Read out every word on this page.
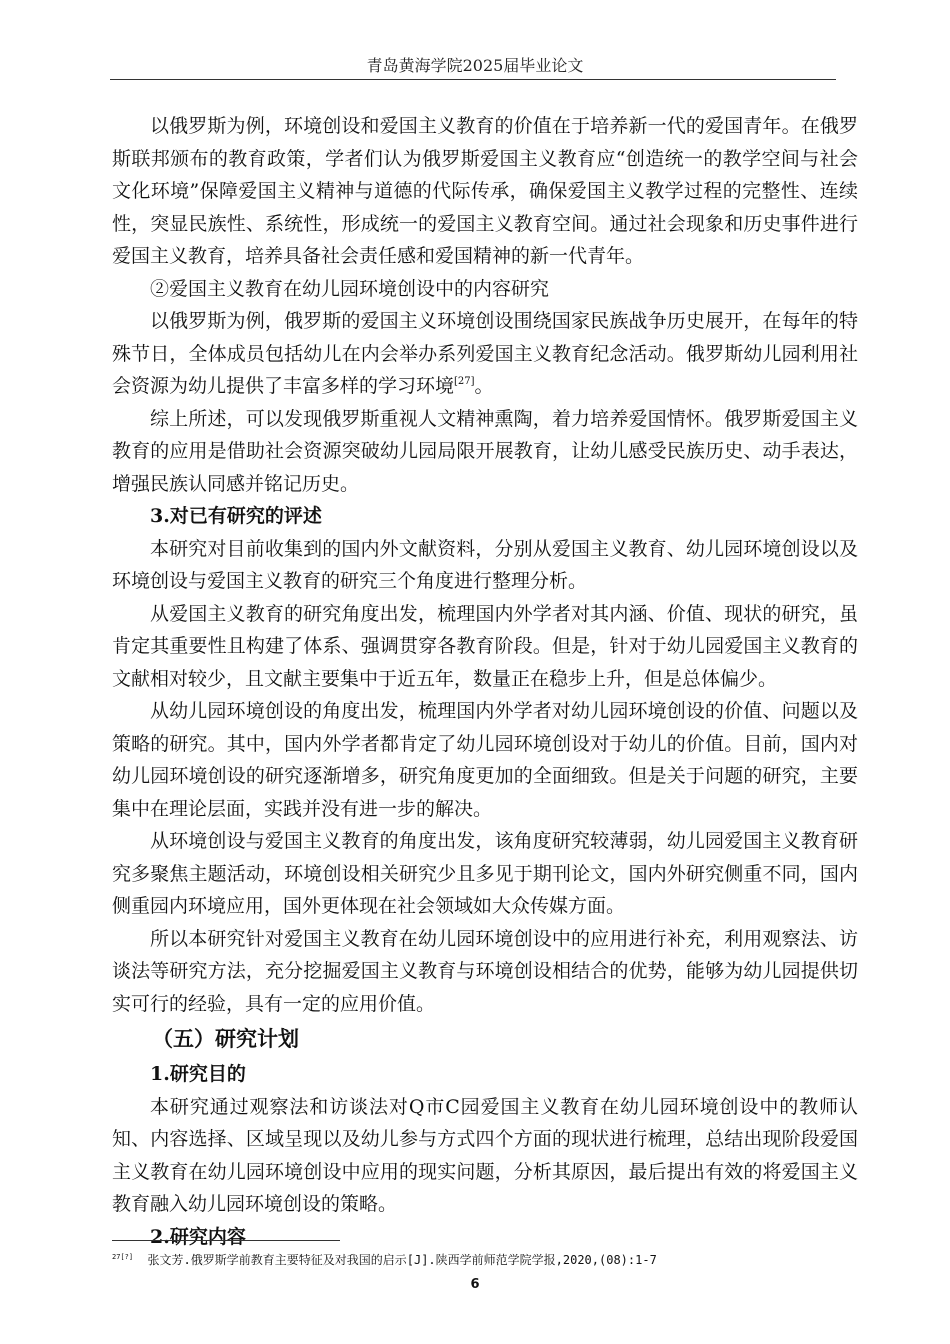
青岛黄海学院2025届毕业论文

以俄罗斯为例，环境创设和爱国主义教育的价值在于培养新一代的爱国青年。在俄罗斯联邦颁布的教育政策，学者们认为俄罗斯爱国主义教育应“创造统一的教学空间与社会文化环境”保障爱国主义精神与道德的代际传承，确保爱国主义教学过程的完整性、连续性，突显民族性、系统性，形成统一的爱国主义教育空间。通过社会现象和历史事件进行爱国主义教育，培养具备社会责任感和爱国精神的新一代青年。

②爱国主义教育在幼儿园环境创设中的内容研究

以俄罗斯为例，俄罗斯的爱国主义环境创设围绕国家民族战争历史展开，在每年的特殊节日，全体成员包括幼儿在内会举办系列爱国主义教育纪念活动。俄罗斯幼儿园利用社会资源为幼儿提供了丰富多样的学习环境[27]。

综上所述，可以发现俄罗斯重视人文精神熏陶，着力培养爱国情怀。俄罗斯爱国主义教育的应用是借助社会资源突破幼儿园局限开展教育，让幼儿感受民族历史、动手表达，增强民族认同感并铭记历史。

3.对已有研究的评述

本研究对目前收集到的国内外文献资料，分别从爱国主义教育、幼儿园环境创设以及环境创设与爱国主义教育的研究三个角度进行整理分析。

从爱国主义教育的研究角度出发，梳理国内外学者对其内涵、价值、现状的研究，虽肯定其重要性且构建了体系、强调贯穿各教育阶段。但是，针对于幼儿园爱国主义教育的文献相对较少，且文献主要集中于近五年，数量正在稳步上升，但是总体偏少。

从幼儿园环境创设的角度出发，梳理国内外学者对幼儿园环境创设的价值、问题以及策略的研究。其中，国内外学者都肯定了幼儿园环境创设对于幼儿的价值。目前，国内对幼儿园环境创设的研究逐渐增多，研究角度更加的全面细致。但是关于问题的研究，主要集中在理论层面，实践并没有进一步的解决。

从环境创设与爱国主义教育的角度出发，该角度研究较薄弱，幼儿园爱国主义教育研究多聚焦主题活动，环境创设相关研究少且多见于期刊论文，国内外研究侧重不同，国内侧重园内环境应用，国外更体现在社会领域如大众传媒方面。

所以本研究针对爱国主义教育在幼儿园环境创设中的应用进行补充，利用观察法、访谈法等研究方法，充分挖掘爱国主义教育与环境创设相结合的优势，能够为幼儿园提供切实可行的经验，具有一定的应用价值。

（五）研究计划

1.研究目的

本研究通过观察法和访谈法对Q市C园爱国主义教育在幼儿园环境创设中的教师认知、内容选择、区域呈现以及幼儿参与方式四个方面的现状进行梳理，总结出现阶段爱国主义教育在幼儿园环境创设中应用的现实问题，分析其原因，最后提出有效的将爱国主义教育融入幼儿园环境创设的策略。

2.研究内容

$^{27[?]}$ 张文芳.俄罗斯学前教育主要特征及对我国的启示[J].陕西学前师范学院学报,2020,(08):1-7
6
